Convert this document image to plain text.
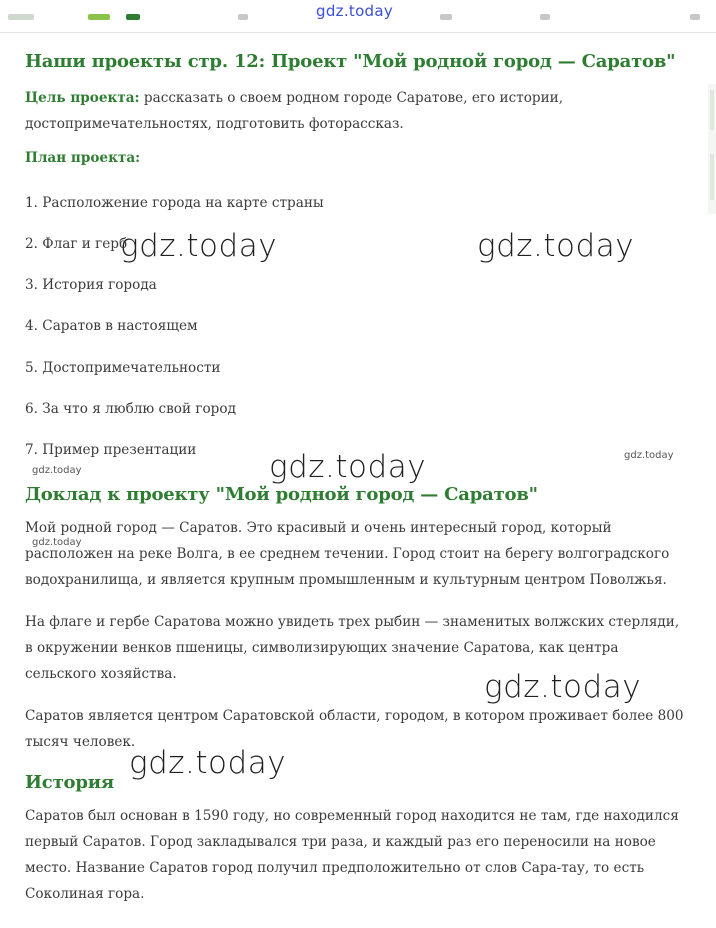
gdz.today
Наши проекты стр. 12: Проект "Мой родной город — Саратов"

Цель проекта: рассказать о своем родном городе Саратове, его истории,
достопримечательностях, подготовить фоторассказ.

План проекта:

1. Расположение города на карте страны

2. Флаг и герб

3. История города

4. Саратов в настоящем

5. Достопримечательности

6. За что я люблю свой город

7. Пример презентации

Доклад к проекту "Мой родной город — Саратов"

Мой родной город — Саратов. Это красивый и очень интересный город, который
расположен на реке Волга, в ее среднем течении. Город стоит на берегу волгоградского
водохранилища, и является крупным промышленным и культурным центром Поволжья.

На флаге и гербе Саратова можно увидеть трех рыбин — знаменитых волжских стерляди,
в окружении венков пшеницы, символизирующих значение Саратова, как центра
сельского хозяйства.

Саратов является центром Саратовской области, городом, в котором проживает более 800
тысяч человек.

История

Саратов был основан в 1590 году, но современный город находится не там, где находился
первый Саратов. Город закладывался три раза, и каждый раз его переносили на новое
место. Название Саратов город получил предположительно от слов Сара-тау, то есть
Соколиная гора.

gdz.today	gdz.today
gdz.today
gdz.today
gdz.today
gdz.today
gdz.today
gdz.today
